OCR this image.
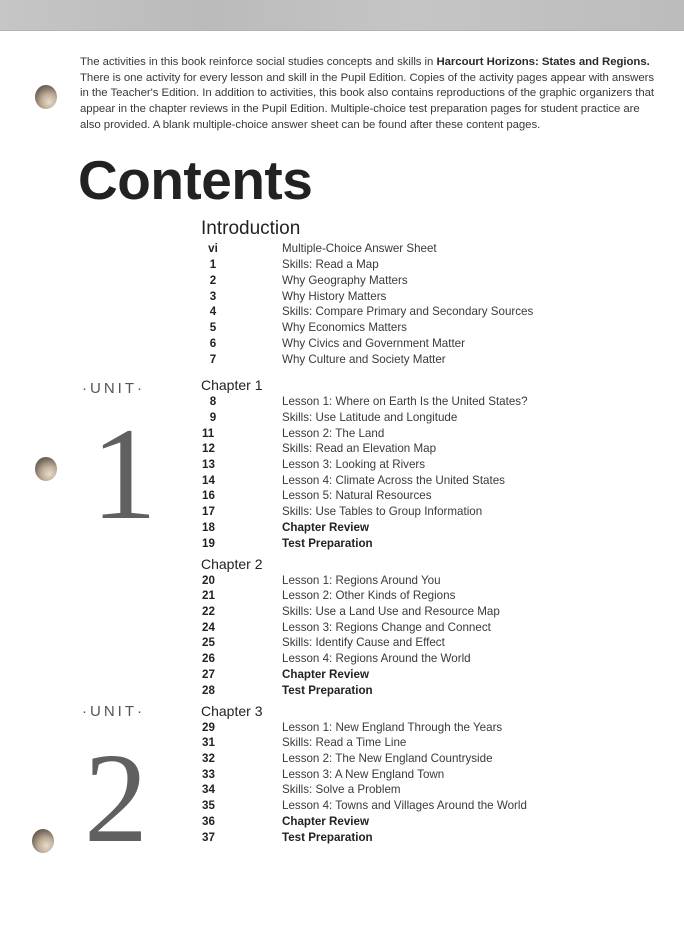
The activities in this book reinforce social studies concepts and skills in Harcourt Horizons: States and Regions. There is one activity for every lesson and skill in the Pupil Edition. Copies of the activity pages appear with answers in the Teacher's Edition. In addition to activities, this book also contains reproductions of the graphic organizers that appear in the chapter reviews in the Pupil Edition. Multiple-choice test preparation pages for student practice are also provided. A blank multiple-choice answer sheet can be found after these content pages.

Contents
Introduction
vi	Multiple-Choice Answer Sheet
1	Skills: Read a Map
2	Why Geography Matters
3	Why History Matters
4	Skills: Compare Primary and Secondary Sources
5	Why Economics Matters
6	Why Civics and Government Matter
7	Why Culture and Society Matter
·UNIT·
1
Chapter 1
8	Lesson 1: Where on Earth Is the United States?
9	Skills: Use Latitude and Longitude
11	Lesson 2: The Land
12	Skills: Read an Elevation Map
13	Lesson 3: Looking at Rivers
14	Lesson 4: Climate Across the United States
16	Lesson 5: Natural Resources
17	Skills: Use Tables to Group Information
18	Chapter Review
19	Test Preparation
Chapter 2
20	Lesson 1: Regions Around You
21	Lesson 2: Other Kinds of Regions
22	Skills: Use a Land Use and Resource Map
24	Lesson 3: Regions Change and Connect
25	Skills: Identify Cause and Effect
26	Lesson 4: Regions Around the World
27	Chapter Review
28	Test Preparation
·UNIT·
2
Chapter 3
29	Lesson 1: New England Through the Years
31	Skills: Read a Time Line
32	Lesson 2: The New England Countryside
33	Lesson 3: A New England Town
34	Skills: Solve a Problem
35	Lesson 4: Towns and Villages Around the World
36	Chapter Review
37	Test Preparation
